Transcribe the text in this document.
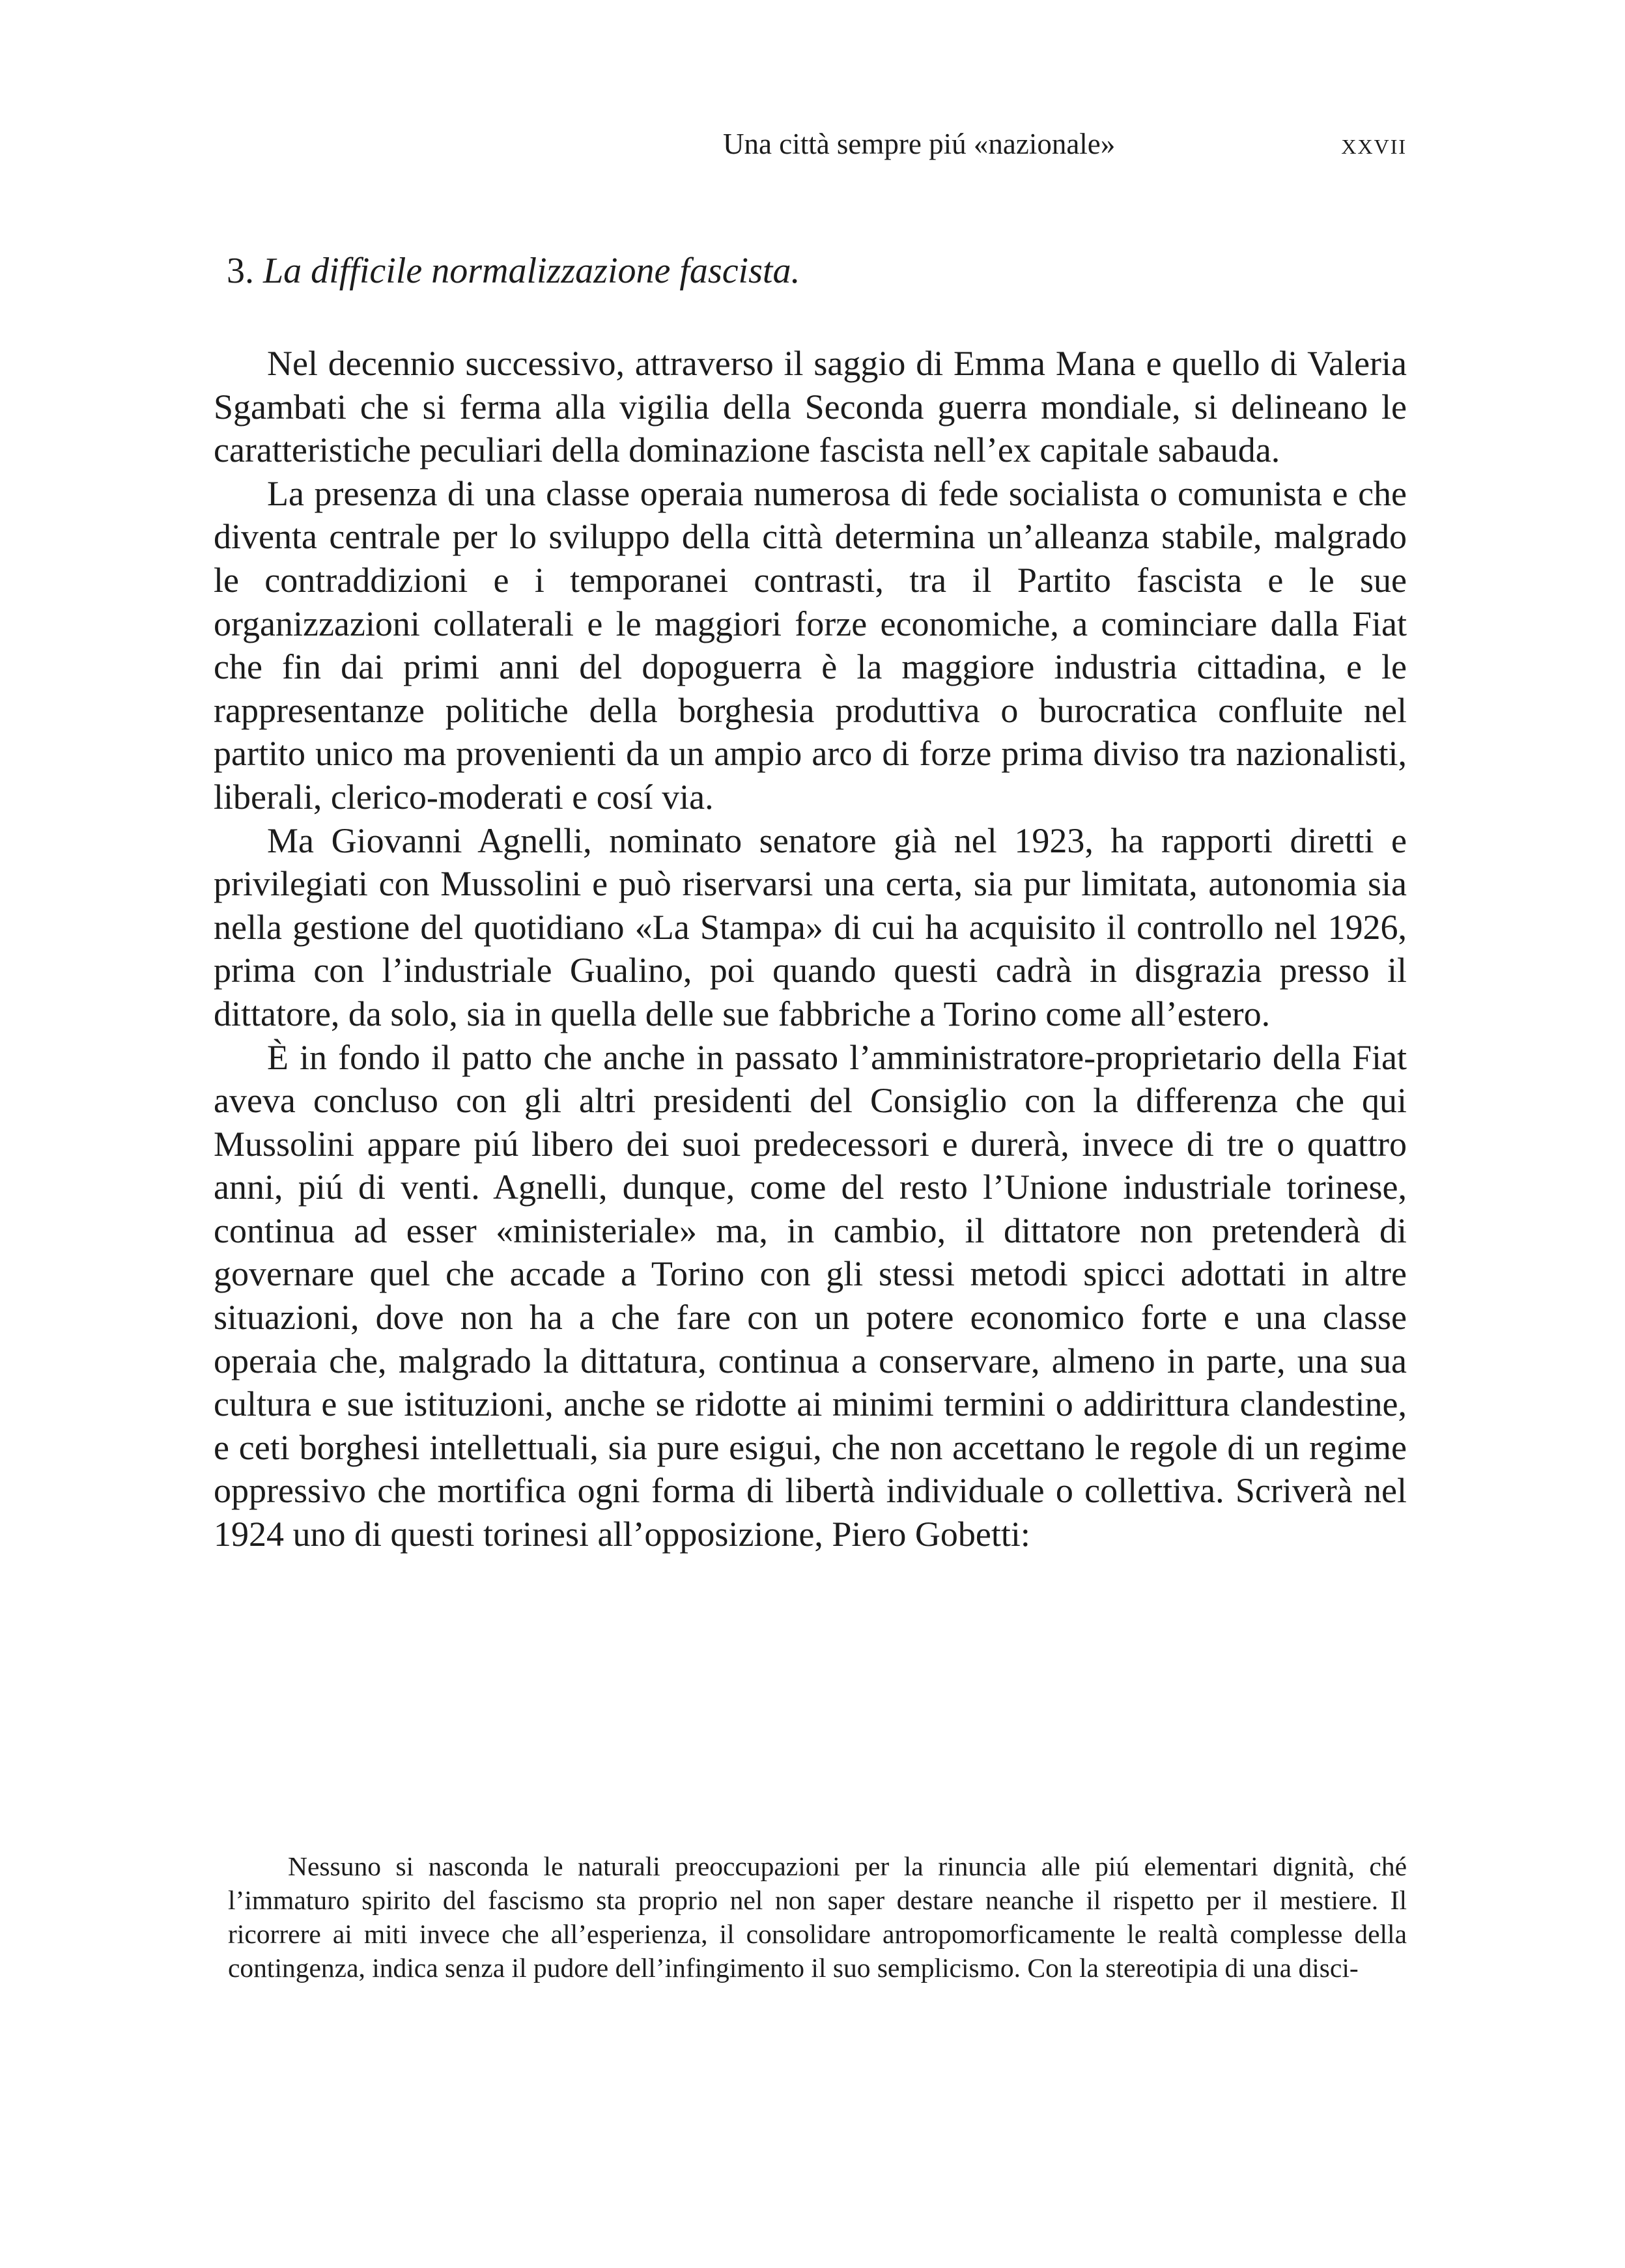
Una città sempre piú «nazionale»	xxvii
3. La difficile normalizzazione fascista.

Nel decennio successivo, attraverso il saggio di Emma Mana e quello di Valeria Sgambati che si ferma alla vigilia della Seconda guerra mondiale, si delineano le caratteristiche peculiari della dominazione fascista nell’ex capitale sabauda.

La presenza di una classe operaia numerosa di fede socialista o comunista e che diventa centrale per lo sviluppo della città determina un’alleanza stabile, malgrado le contraddizioni e i temporanei contrasti, tra il Partito fascista e le sue organizzazioni collaterali e le maggiori forze economiche, a cominciare dalla Fiat che fin dai primi anni del dopoguerra è la maggiore industria cittadina, e le rappresentanze politiche della borghesia produttiva o burocratica confluite nel partito unico ma provenienti da un ampio arco di forze prima diviso tra nazionalisti, liberali, clerico-moderati e cosí via.

Ma Giovanni Agnelli, nominato senatore già nel 1923, ha rapporti diretti e privilegiati con Mussolini e può riservarsi una certa, sia pur limitata, autonomia sia nella gestione del quotidiano «La Stampa» di cui ha acquisito il controllo nel 1926, prima con l’industriale Gualino, poi quando questi cadrà in disgrazia presso il dittatore, da solo, sia in quella delle sue fabbriche a Torino come all’estero.

È in fondo il patto che anche in passato l’amministratore-proprietario della Fiat aveva concluso con gli altri presidenti del Consiglio con la differenza che qui Mussolini appare piú libero dei suoi predecessori e durerà, invece di tre o quattro anni, piú di venti. Agnelli, dunque, come del resto l’Unione industriale torinese, continua ad esser «ministeriale» ma, in cambio, il dittatore non pretenderà di governare quel che accade a Torino con gli stessi metodi spicci adottati in altre situazioni, dove non ha a che fare con un potere economico forte e una classe operaia che, malgrado la dittatura, continua a conservare, almeno in parte, una sua cultura e sue istituzioni, anche se ridotte ai minimi termini o addirittura clandestine, e ceti borghesi intellettuali, sia pure esigui, che non accettano le regole di un regime oppressivo che mortifica ogni forma di libertà individuale o collettiva. Scriverà nel 1924 uno di questi torinesi all’opposizione, Piero Gobetti:

Nessuno si nasconda le naturali preoccupazioni per la rinuncia alle piú elementari dignità, ché l’immaturo spirito del fascismo sta proprio nel non saper destare neanche il rispetto per il mestiere. Il ricorrere ai miti invece che all’esperienza, il consolidare antropomorficamente le realtà complesse della contingenza, indica senza il pudore dell’infingimento il suo semplicismo. Con la stereotipia di una disci-
